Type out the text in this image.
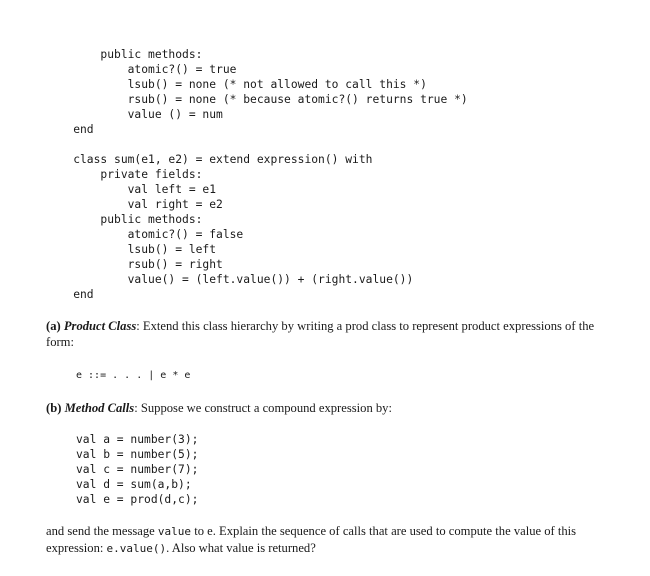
public methods:
atomic?() = true
lsub() = none (* not allowed to call this *)
rsub() = none (* because atomic?() returns true *)
value () = num
end

class sum(e1, e2) = extend expression() with
private fields:
val left = e1
val right = e2
public methods:
atomic?() = false
lsub() = left
rsub() = right
value() = (left.value()) + (right.value())
end

(a) Product Class: Extend this class hierarchy by writing a prod class to represent product expressions of the form:

e ::= . . . | e * e

(b) Method Calls: Suppose we construct a compound expression by:

val a = number(3);
val b = number(5);
val c = number(7);
val d = sum(a,b);
val e = prod(d,c);

and send the message value to e. Explain the sequence of calls that are used to compute the value of this expression: e.value(). Also what value is returned?
